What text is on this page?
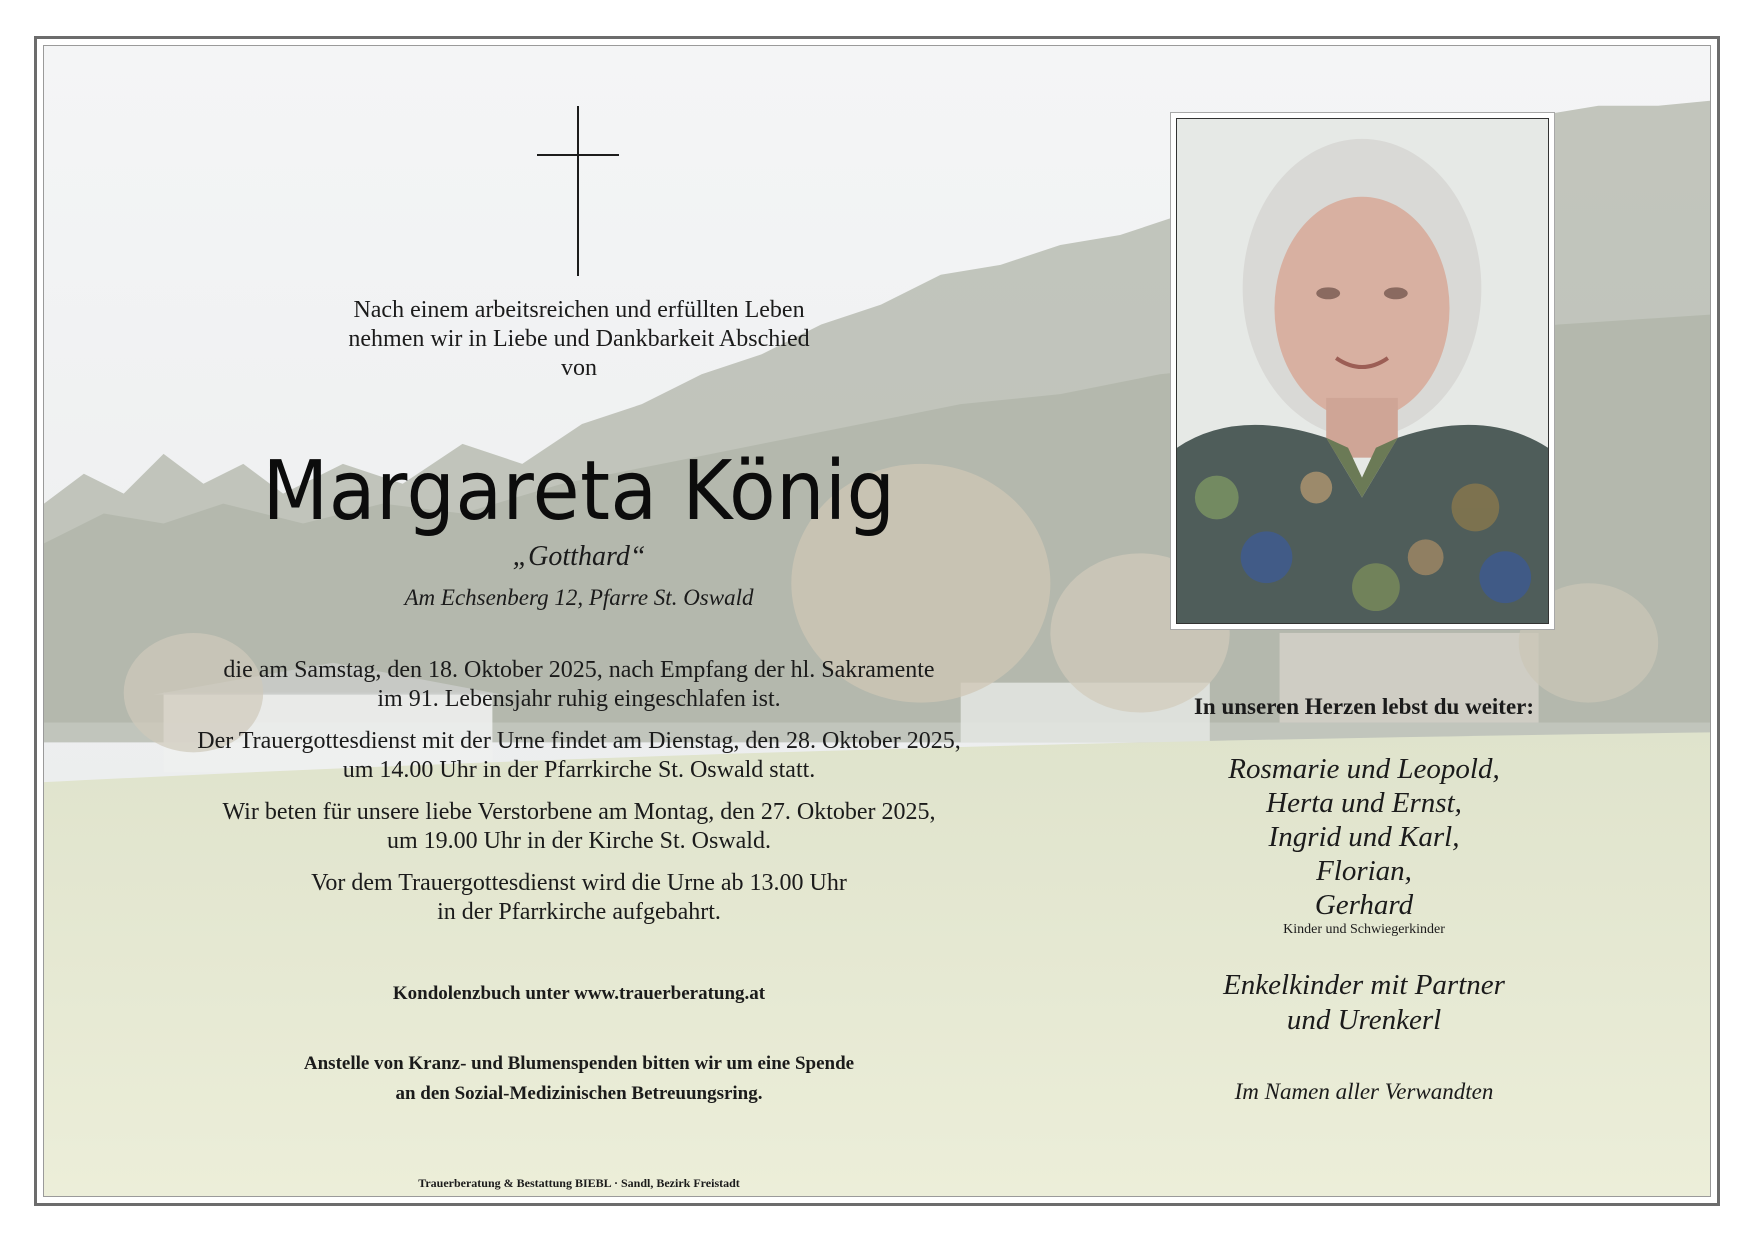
Nach einem arbeitsreichen und erfüllten Leben
nehmen wir in Liebe und Dankbarkeit Abschied
von
Margareta König
„Gotthard“
Am Echsenberg 12, Pfarre St. Oswald

die am Samstag, den 18. Oktober 2025, nach Empfang der hl. Sakramente
im 91. Lebensjahr ruhig eingeschlafen ist.

Der Trauergottesdienst mit der Urne findet am Dienstag, den 28. Oktober 2025,
um 14.00 Uhr in der Pfarrkirche St. Oswald statt.

Wir beten für unsere liebe Verstorbene am Montag, den 27. Oktober 2025,
um 19.00 Uhr in der Kirche St. Oswald.

Vor dem Trauergottesdienst wird die Urne ab 13.00 Uhr
in der Pfarrkirche aufgebahrt.

Kondolenzbuch unter www.trauerberatung.at
Anstelle von Kranz- und Blumenspenden bitten wir um eine Spende
an den Sozial-Medizinischen Betreuungsring.
Trauerberatung & Bestattung BIEBL · Sandl, Bezirk Freistadt
In unseren Herzen lebst du weiter:
Rosmarie und Leopold,
Herta und Ernst,
Ingrid und Karl,
Florian,
Gerhard
Kinder und Schwiegerkinder
Enkelkinder mit Partner
und Urenkerl
Im Namen aller Verwandten
